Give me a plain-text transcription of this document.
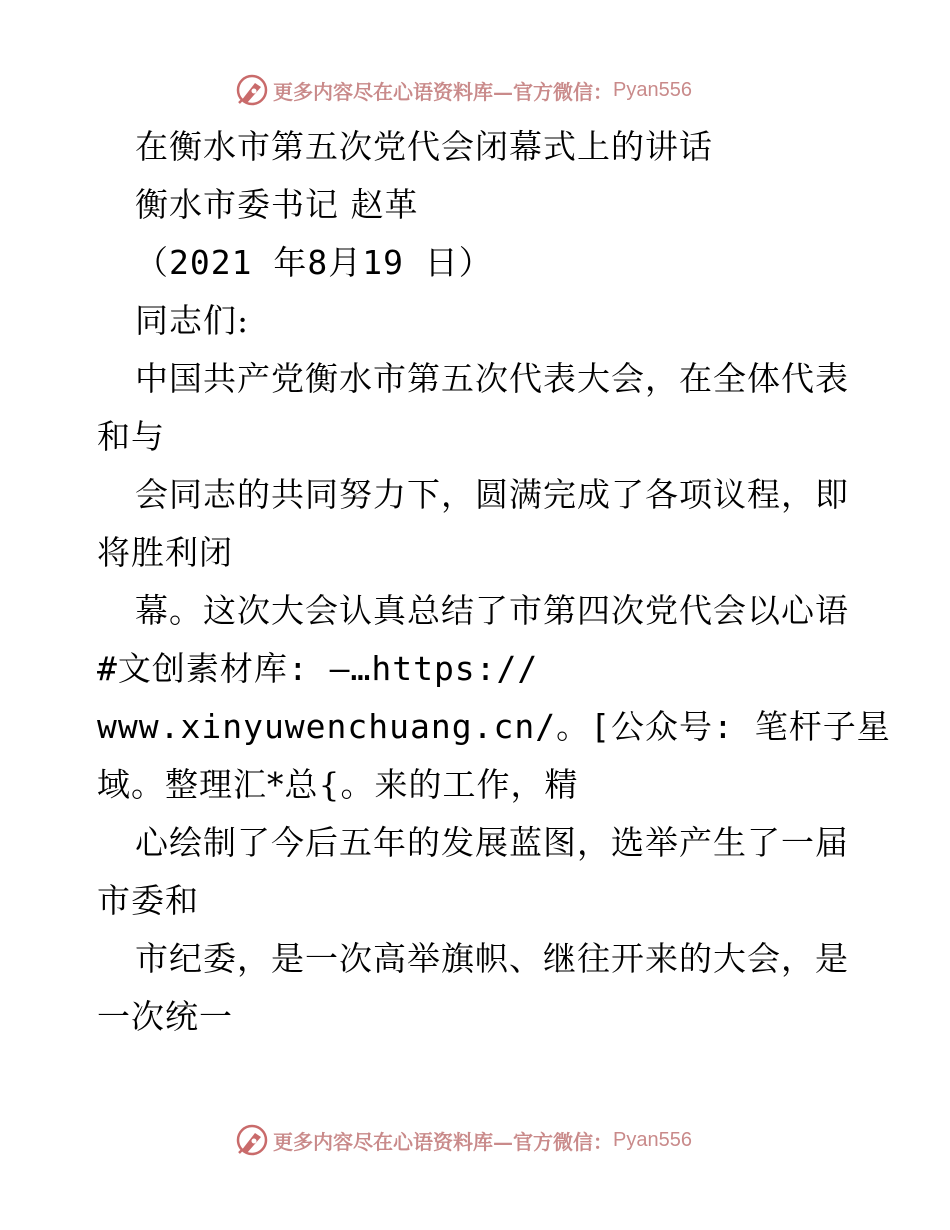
更多内容尽在心语资料库—官方微信： Pyan556
在衡水市第五次党代会闭幕式上的讲话
衡水市委书记 赵革
（2021 年8月19 日）
同志们:
中国共产党衡水市第五次代表大会，在全体代表
和与
会同志的共同努力下，圆满完成了各项议程，即
将胜利闭
幕。这次大会认真总结了市第四次党代会以心语
#文创素材库: —…https://
www.xinyuwenchuang.cn/。[公众号: 笔杆子星
域。整理汇*总{。来的工作，精
心绘制了今后五年的发展蓝图，选举产生了一届
市委和
市纪委，是一次高举旗帜、继往开来的大会，是
一次统一
更多内容尽在心语资料库—官方微信： Pyan556
